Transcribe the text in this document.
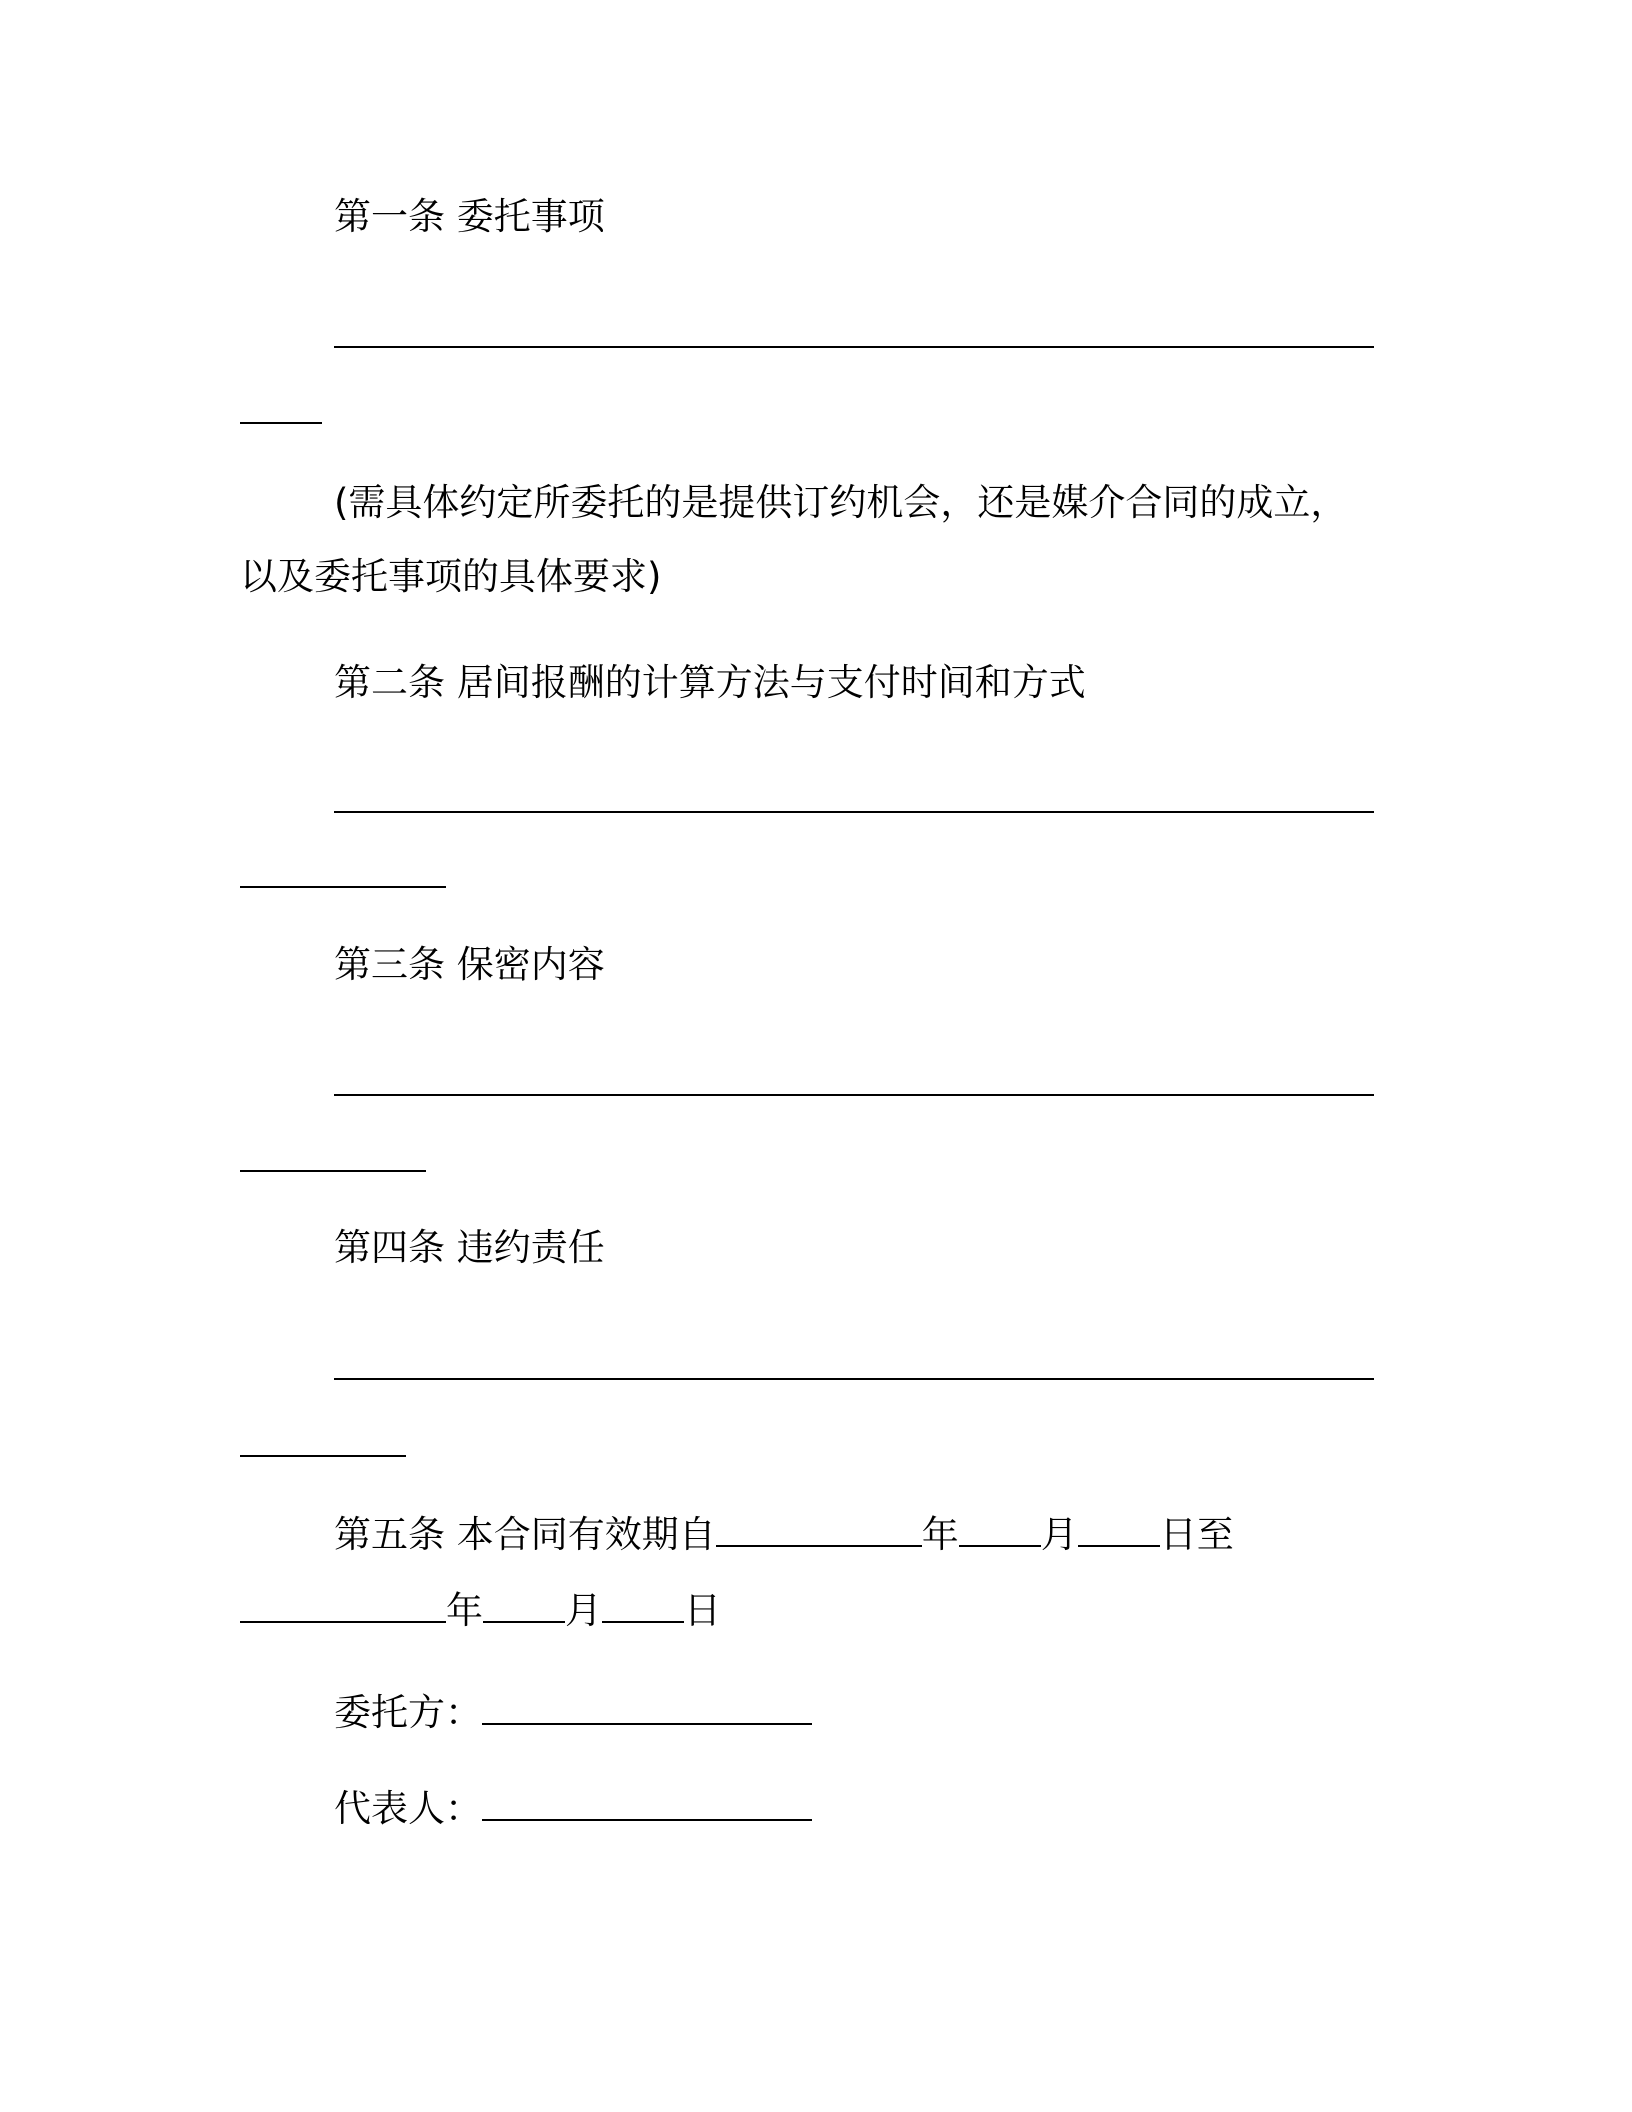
第一条 委托事项
(需具体约定所委托的是提供订约机会，还是媒介合同的成立，
以及委托事项的具体要求)
第二条 居间报酬的计算方法与支付时间和方式
第三条 保密内容
第四条 违约责任
第五条 本合同有效期自	年 月 日至
年 月 日
委托方：
代表人：
